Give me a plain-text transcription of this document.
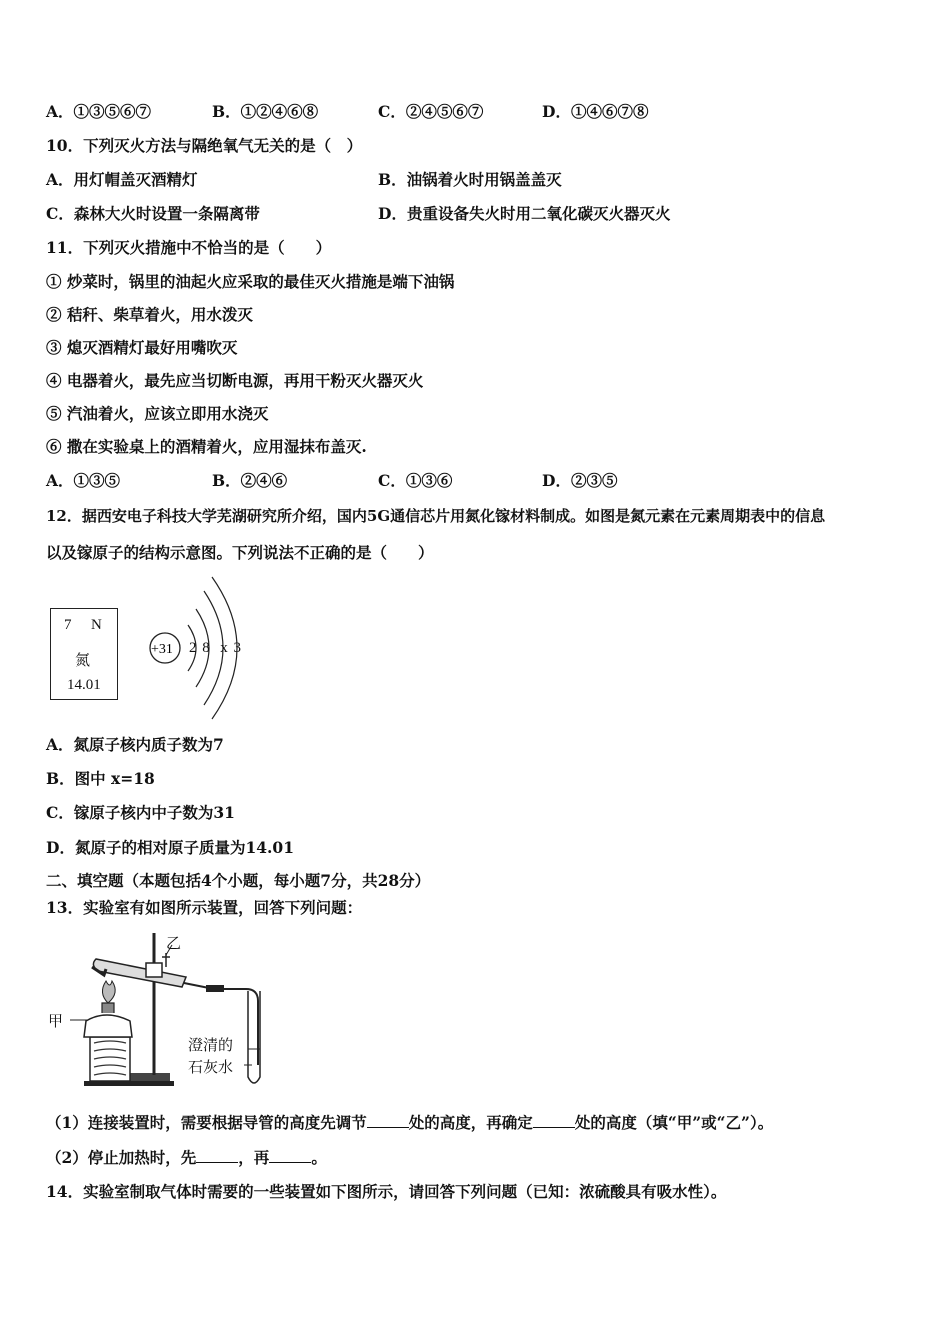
A．①③⑤⑥⑦	B．①②④⑥⑧	C．②④⑤⑥⑦	D．①④⑥⑦⑧
10．下列灭火方法与隔绝氧气无关的是（　）
A．用灯帽盖灭酒精灯	B．油锅着火时用锅盖盖灭
C．森林大火时设置一条隔离带	D．贵重设备失火时用二氧化碳灭火器灭火
11．下列灭火措施中不恰当的是（　　）
① 炒菜时，锅里的油起火应采取的最佳灭火措施是端下油锅
② 秸秆、柴草着火，用水泼灭
③ 熄灭酒精灯最好用嘴吹灭
④ 电器着火，最先应当切断电源，再用干粉灭火器灭火
⑤ 汽油着火，应该立即用水浇灭
⑥ 撒在实验桌上的酒精着火，应用湿抹布盖灭.
A．①③⑤	B．②④⑥	C．①③⑥	D．②③⑤
12．据西安电子科技大学芜湖研究所介绍，国内5G通信芯片用氮化镓材料制成。如图是氮元素在元素周期表中的信息
以及镓原子的结构示意图。下列说法不正确的是（　　）
7 N
氮
14.01
+31 2 8  x 3
A．氮原子核内质子数为7
B．图中 x=18
C．镓原子核内中子数为31
D．氮原子的相对原子质量为14.01
二、填空题（本题包括4个小题，每小题7分，共28分）
13．实验室有如图所示装置，回答下列问题：
甲
乙
澄清的
石灰水
（1）连接装置时，需要根据导管的高度先调节	处的高度，再确定	处的高度（填“甲”或“乙”）。
（2）停止加热时，先	，再	。
14．实验室制取气体时需要的一些装置如下图所示，请回答下列问题（已知：浓硫酸具有吸水性）。
